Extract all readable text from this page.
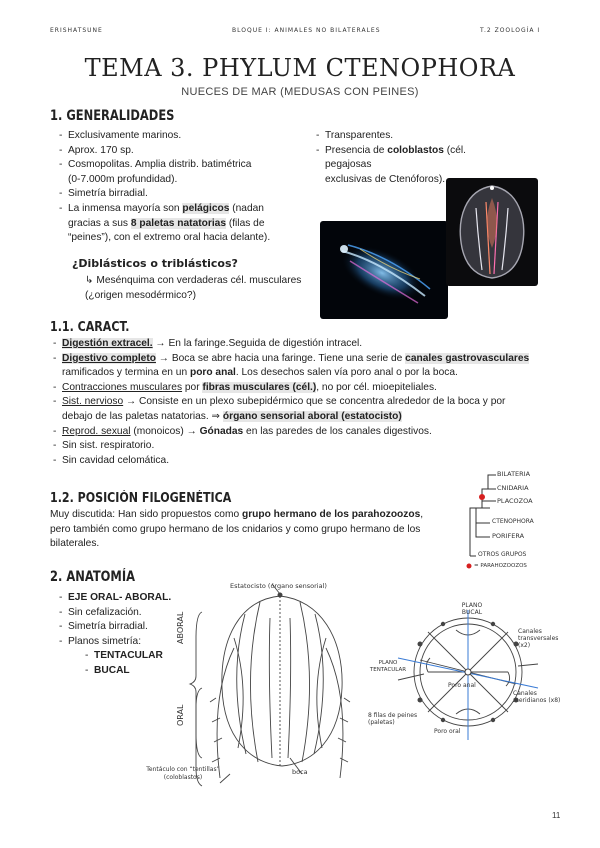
ERISHATSUNE	BLOQUE I: ANIMALES NO BILATERALES	T.2 ZOOLOGÍA I
TEMA 3. PHYLUM CTENOPHORA
NUECES DE MAR (MEDUSAS CON PEINES)
1. GENERALIDADES
- Exclusivamente marinos.
- Aprox. 170 sp.
- Cosmopolitas. Amplia distrib. batimétrica
(0-7.000m profundidad).
- Simetría birradial.
- La inmensa mayoría son pelágicos (nadan
gracias a sus 8 paletas natatorias (filas de
“peines”), con el extremo oral hacia delante).
- Transparentes.
- Presencia de coloblastos (cél. pegajosas
exclusivas de Ctenóforos).
¿Diblásticos o triblásticos?
↳ Mesénquima con verdaderas cél. musculares
(¿origen mesodérmico?)
1.1. CARACT.
- Digestión extracel. → En la faringe.Seguida de digestión intracel.
- Digestivo completo → Boca se abre hacia una faringe. Tiene una serie de canales gastrovasculares
ramificados y termina en un poro anal. Los desechos salen vía poro anal o por la boca.
- Contracciones musculares por fibras musculares (cél.), no por cél. mioepiteliales.
- Sist. nervioso → Consiste en un plexo subepidérmico que se concentra alrededor de la boca y por
debajo de las paletas natatorias. ⇒ órgano sensorial aboral (estatocisto)
- Reprod. sexual (monoicos) → Gónadas en las paredes de los canales digestivos.
- Sin sist. respiratorio.
- Sin cavidad celomática.
1.2. POSICIÓN FILOGENÉTICA
Muy discutida: Han sido propuestos como grupo hermano de los parahozoozos,
pero también como grupo hermano de los cnidarios y como grupo hermano de los
bilaterales.
BILATERIA
CNIDARIA
PLACOZOA
CTENOPHORA
PORIFERA
OTROS GRUPOS
= PARAHOZOOZOS
2. ANATOMÍA
- EJE ORAL- ABORAL.
- Sin cefalización.
- Simetría birradial.
- Planos simetría:
- TENTACULAR
- BUCAL
Estatocisto (órgano sensorial)
ABORAL
ORAL
Tentáculo con “tentillas” (coloblastos)
boca
PLANO BUCAL
Canales transversales (x2)
PLANO TENTACULAR
Poro anal
Canales meridianos (x8)
8 filas de peines (paletas)
Poro oral
11
